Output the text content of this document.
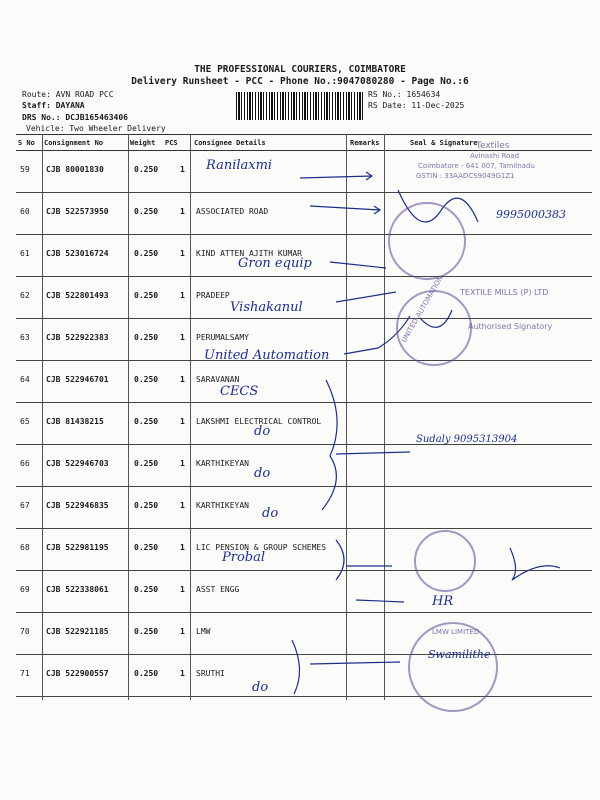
THE PROFESSIONAL COURIERS, COIMBATORE
Delivery Runsheet - PCC - Phone No.:9047080280 - Page No.:6
Route: AVN ROAD PCC
Staff: DAYANA
DRS No.: DCJB165463406
Vehicle: Two Wheeler Delivery
RS No.: 1654634
RS Date: 11-Dec-2025
S No Consignment No	Weight PCS Consignee Details	Remarks	Seal & Signature
59 CJB 80001830	0.250	1
60 CJB 522573950	0.250	1 ASSOCIATED ROAD
61 CJB 523016724	0.250	1 KIND ATTEN AJITH KUMAR
62 CJB 522801493	0.250	1 PRADEEP
63 CJB 522922383	0.250	1 PERUMALSAMY
64 CJB 522946701	0.250	1 SARAVANAN
65 CJB 81438215	0.250	1 LAKSHMI ELECTRICAL CONTROL
66 CJB 522946703	0.250	1 KARTHIKEYAN
67 CJB 522946835	0.250	1 KARTHIKEYAN
68 CJB 522981195	0.250	1 LIC PENSION & GROUP SCHEMES
69 CJB 522338061	0.250	1 ASST ENGG
70 CJB 522921185	0.250	1 LMW
71 CJB 522900557	0.250	1 SRUTHI
Ranilaxmi
Gron equip
Vishakanul
United Automation
CECS
do
do
do
Probal
HR
do
9995000383
Sudaly 9095313904
Swamilithe
Textiles
Avinashi Road
Coimbatore - 641 007, Tamilnadu
GSTIN : 33AADCS9049G1Z1
TEXTILE MILLS (P) LTD
UNITED AUTOMATION	Authorised Signatory
LMW LIMITED
